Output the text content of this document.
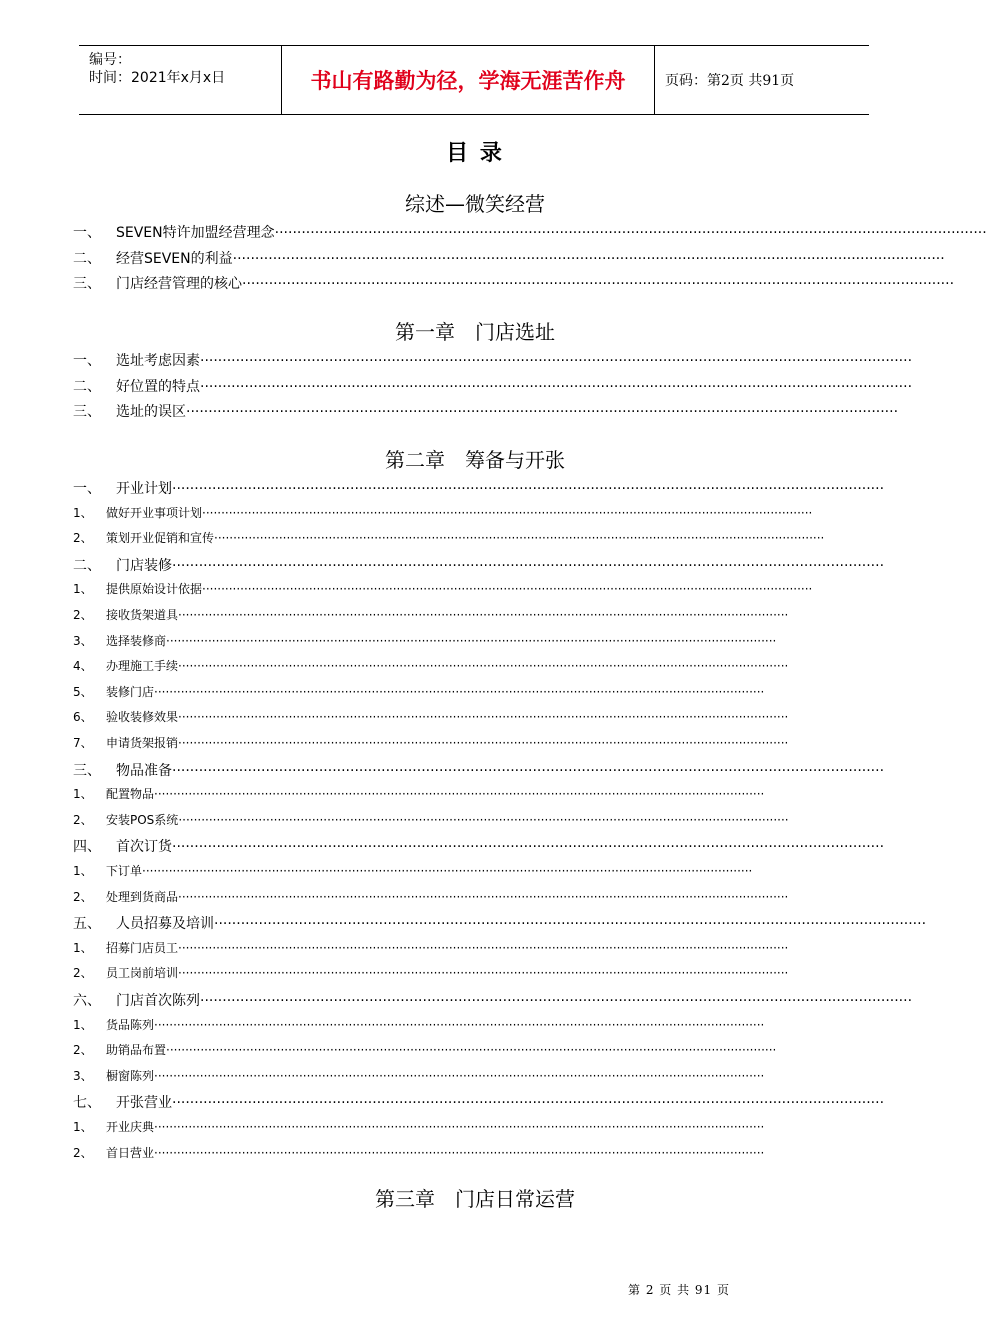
编号：
时间：2021年x月x日	书山有路勤为径，学海无涯苦作舟	页码：第2页 共91页
目 录
综述—微笑经营
一、 SEVEN特许加盟经营理念································································································································································
二、 经营SEVEN的利益································································································································································
三、 门店经营管理的核心································································································································································
第一章　门店选址
一、 选址考虑因素································································································································································
二、 好位置的特点································································································································································
三、 选址的误区································································································································································
第二章　筹备与开张
一、 开业计划································································································································································
1、 做好开业事项计划································································································································································
2、 策划开业促销和宣传································································································································································
二、 门店装修································································································································································
1、 提供原始设计依据································································································································································
2、 接收货架道具································································································································································
3、 选择装修商································································································································································
4、 办理施工手续································································································································································
5、 装修门店································································································································································
6、 验收装修效果································································································································································
7、 申请货架报销································································································································································
三、 物品准备································································································································································
1、 配置物品································································································································································
2、 安装POS系统································································································································································
四、 首次订货································································································································································
1、 下订单································································································································································
2、 处理到货商品································································································································································
五、 人员招募及培训································································································································································
1、 招募门店员工································································································································································
2、 员工岗前培训································································································································································
六、 门店首次陈列································································································································································
1、 货品陈列································································································································································
2、 助销品布置································································································································································
3、 橱窗陈列································································································································································
七、 开张营业································································································································································
1、 开业庆典································································································································································
2、 首日营业································································································································································
第三章　门店日常运营
第 2 页 共 91 页
